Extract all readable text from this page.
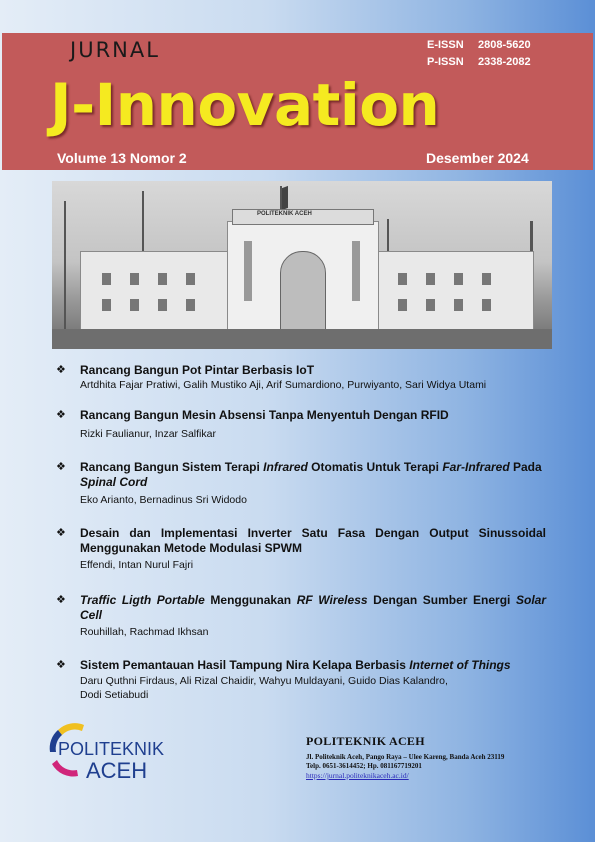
JURNAL	E-ISSN 2808-5620
P-ISSN 2338-2082
J-Innovation
Volume 13 Nomor 2	Desember 2024
POLITEKNIK ACEH
❖	Rancang Bangun Pot Pintar Berbasis IoT
Artdhita Fajar Pratiwi, Galih Mustiko Aji, Arif Sumardiono, Purwiyanto, Sari Widya Utami
❖	Rancang Bangun Mesin Absensi Tanpa Menyentuh Dengan RFID
Rizki Faulianur, Inzar Salfikar
❖	Rancang Bangun Sistem Terapi Infrared Otomatis Untuk Terapi Far-Infrared Pada Spinal Cord
Eko Arianto, Bernadinus Sri Widodo
❖	Desain dan Implementasi Inverter Satu Fasa Dengan Output Sinussoidal Menggunakan Metode Modulasi SPWM
Effendi, Intan Nurul Fajri
❖	Traffic Ligth Portable Menggunakan RF Wireless Dengan Sumber Energi Solar Cell
Rouhillah, Rachmad Ikhsan
❖	Sistem Pemantauan Hasil Tampung Nira Kelapa Berbasis Internet of Things
Daru Quthni Firdaus, Ali Rizal Chaidir, Wahyu Muldayani, Guido Dias Kalandro,
Dodi Setiabudi
POLITEKNIK
ACEH
POLITEKNIK ACEH
Jl. Politeknik Aceh, Pango Raya – Ulee Kareng, Banda Aceh 23119
Telp. 0651-3614452; Hp. 081167719201
https://jurnal.politeknikaceh.ac.id/
